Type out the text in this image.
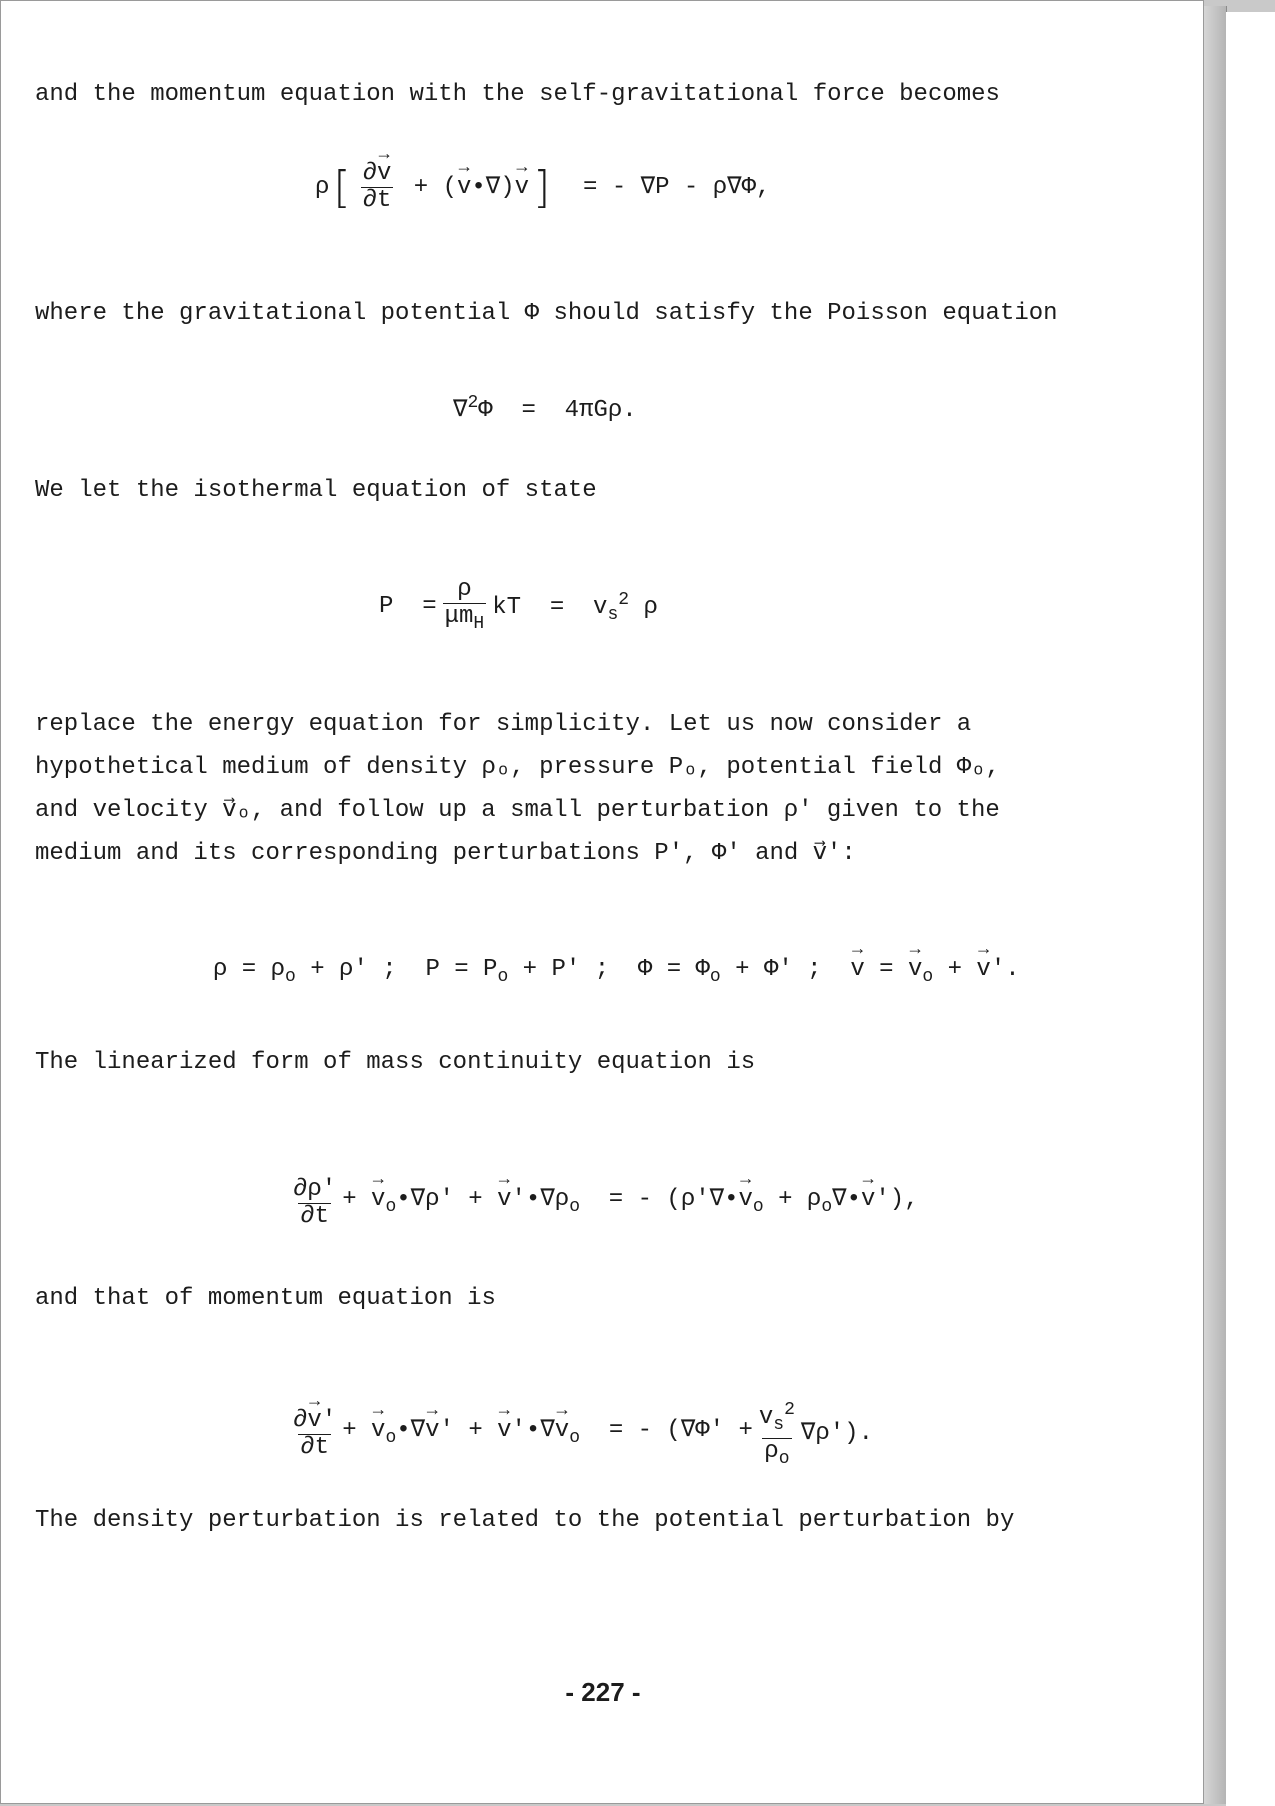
and the momentum equation with the self-gravitational force becomes
ρ [ $\frac{\partial\to v}{\partial t}$ + (→ v•∇)→ v ] = - ∇P - ρ∇Φ,
where the gravitational potential Φ should satisfy the Poisson equation
∇$^2$Φ  =  4πGρ.
We let the isothermal equation of state
$P = \frac{\rho}{\mu m_H}$ kT  =  $v_s^2$ ρ
replace the energy equation for simplicity. Let us now consider a
hypothetical medium of density ρₒ, pressure Pₒ, potential field Φₒ,
and velocity v⃗ₒ, and follow up a small perturbation ρ' given to the
medium and its corresponding perturbations P', Φ' and v⃗':
$\rho = \rho_o + \rho'$ ;  $P = P_o + P'$ ;  $\Phi = \Phi_o + \Phi'$ ;  → v = → $v_o$ + → v'.
The linearized form of mass continuity equation is
$\frac{\partial\rho'}{\partial t}$ + → $v_o•\nabla\rho'$ + → $v'•\nabla\rho_o$  = - (ρ'∇•→ $v_o$ + $\rho_o\nabla•\to v'$),
and that of momentum equation is
$\frac{\partial\to v'}{\partial t}$ + → $v_o•\nabla\to v'$ + → v'•∇→ $v_o$  = - $(\nabla\Phi' + \frac{v_s^2}{\rho_o} \nabla\rho')$.
The density perturbation is related to the potential perturbation by
- 227 -
